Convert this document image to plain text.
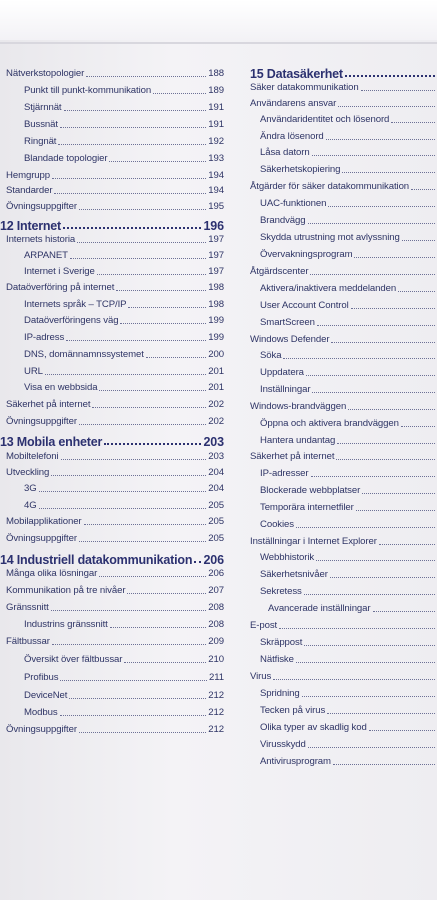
Nätverkstopologier	188
Punkt till punkt-kommunikation	189
Stjärnnät	191
Bussnät	191
Ringnät	192
Blandade topologier	193
Hemgrupp	194
Standarder	194
Övningsuppgifter	195
12 Internet	196
Internets historia	197
ARPANET	197
Internet i Sverige	197
Dataöverföring på internet	198
Internets språk – TCP/IP	198
Dataöverföringens väg	199
IP-adress	199
DNS, domännamnssystemet	200
URL	201
Visa en webbsida	201
Säkerhet på internet	202
Övningsuppgifter	202
13 Mobila enheter	203
Mobiltelefoni	203
Utveckling	204
3G	204
4G	205
Mobilapplikationer	205
Övningsuppgifter	205
14 Industriell datakommunikation 206
Många olika lösningar	206
Kommunikation på tre nivåer	207
Gränssnitt	208
Industrins gränssnitt	208
Fältbussar	209
Översikt över fältbussar	210
Profibus	211
DeviceNet	212
Modbus	212
Övningsuppgifter	212
15 Datasäkerhet
Säker datakommunikation
Användarens ansvar
Användaridentitet och lösenord
Ändra lösenord
Låsa datorn
Säkerhetskopiering
Åtgärder för säker datakommunikation
UAC-funktionen
Brandvägg
Skydda utrustning mot avlyssning
Övervakningsprogram
Åtgärdscenter
Aktivera/inaktivera meddelanden
User Account Control
SmartScreen
Windows Defender
Söka
Uppdatera
Inställningar
Windows-brandväggen
Öppna och aktivera brandväggen
Hantera undantag
Säkerhet på internet
IP-adresser
Blockerade webbplatser
Temporära internetfiler
Cookies
Inställningar i Internet Explorer
Webbhistorik
Säkerhetsnivåer
Sekretess
Avancerade inställningar
E-post
Skräppost
Nätfiske
Virus
Spridning
Tecken på virus
Olika typer av skadlig kod
Virusskydd
Antivirusprogram
